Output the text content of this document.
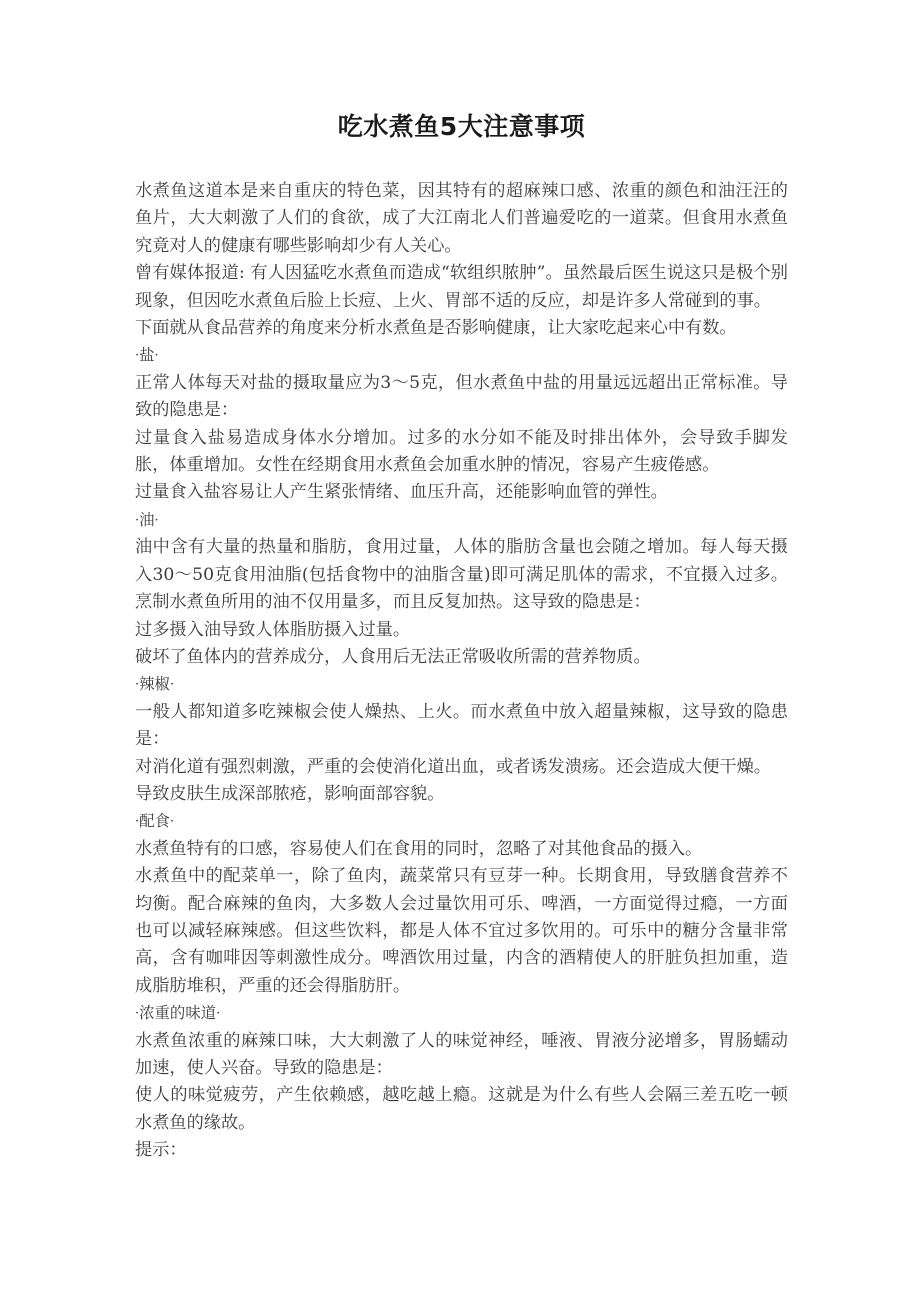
吃水煮鱼5大注意事项

水煮鱼这道本是来自重庆的特色菜，因其特有的超麻辣口感、浓重的颜色和油汪汪的鱼片，大大刺激了人们的食欲，成了大江南北人们普遍爱吃的一道菜。但食用水煮鱼究竟对人的健康有哪些影响却少有人关心。

曾有媒体报道: 有人因猛吃水煮鱼而造成“软组织脓肿”。虽然最后医生说这只是极个别现象，但因吃水煮鱼后脸上长痘、上火、胃部不适的反应，却是许多人常碰到的事。

下面就从食品营养的角度来分析水煮鱼是否影响健康，让大家吃起来心中有数。

·盐·

正常人体每天对盐的摄取量应为3～5克，但水煮鱼中盐的用量远远超出正常标准。导致的隐患是：

过量食入盐易造成身体水分增加。过多的水分如不能及时排出体外，会导致手脚发胀，体重增加。女性在经期食用水煮鱼会加重水肿的情况，容易产生疲倦感。

过量食入盐容易让人产生紧张情绪、血压升高，还能影响血管的弹性。

·油·

油中含有大量的热量和脂肪，食用过量，人体的脂肪含量也会随之增加。每人每天摄入30～50克食用油脂(包括食物中的油脂含量)即可满足肌体的需求，不宜摄入过多。烹制水煮鱼所用的油不仅用量多，而且反复加热。这导致的隐患是：

过多摄入油导致人体脂肪摄入过量。

破坏了鱼体内的营养成分，人食用后无法正常吸收所需的营养物质。

·辣椒·

一般人都知道多吃辣椒会使人燥热、上火。而水煮鱼中放入超量辣椒，这导致的隐患是：

对消化道有强烈刺激，严重的会使消化道出血，或者诱发溃疡。还会造成大便干燥。

导致皮肤生成深部脓疮，影响面部容貌。

·配食·

水煮鱼特有的口感，容易使人们在食用的同时，忽略了对其他食品的摄入。

水煮鱼中的配菜单一，除了鱼肉，蔬菜常只有豆芽一种。长期食用，导致膳食营养不均衡。配合麻辣的鱼肉，大多数人会过量饮用可乐、啤酒，一方面觉得过瘾，一方面也可以减轻麻辣感。但这些饮料，都是人体不宜过多饮用的。可乐中的糖分含量非常高，含有咖啡因等刺激性成分。啤酒饮用过量，内含的酒精使人的肝脏负担加重，造成脂肪堆积，严重的还会得脂肪肝。

·浓重的味道·

水煮鱼浓重的麻辣口味，大大刺激了人的味觉神经，唾液、胃液分泌增多，胃肠蠕动加速，使人兴奋。导致的隐患是：

使人的味觉疲劳，产生依赖感，越吃越上瘾。这就是为什么有些人会隔三差五吃一顿水煮鱼的缘故。

提示：
